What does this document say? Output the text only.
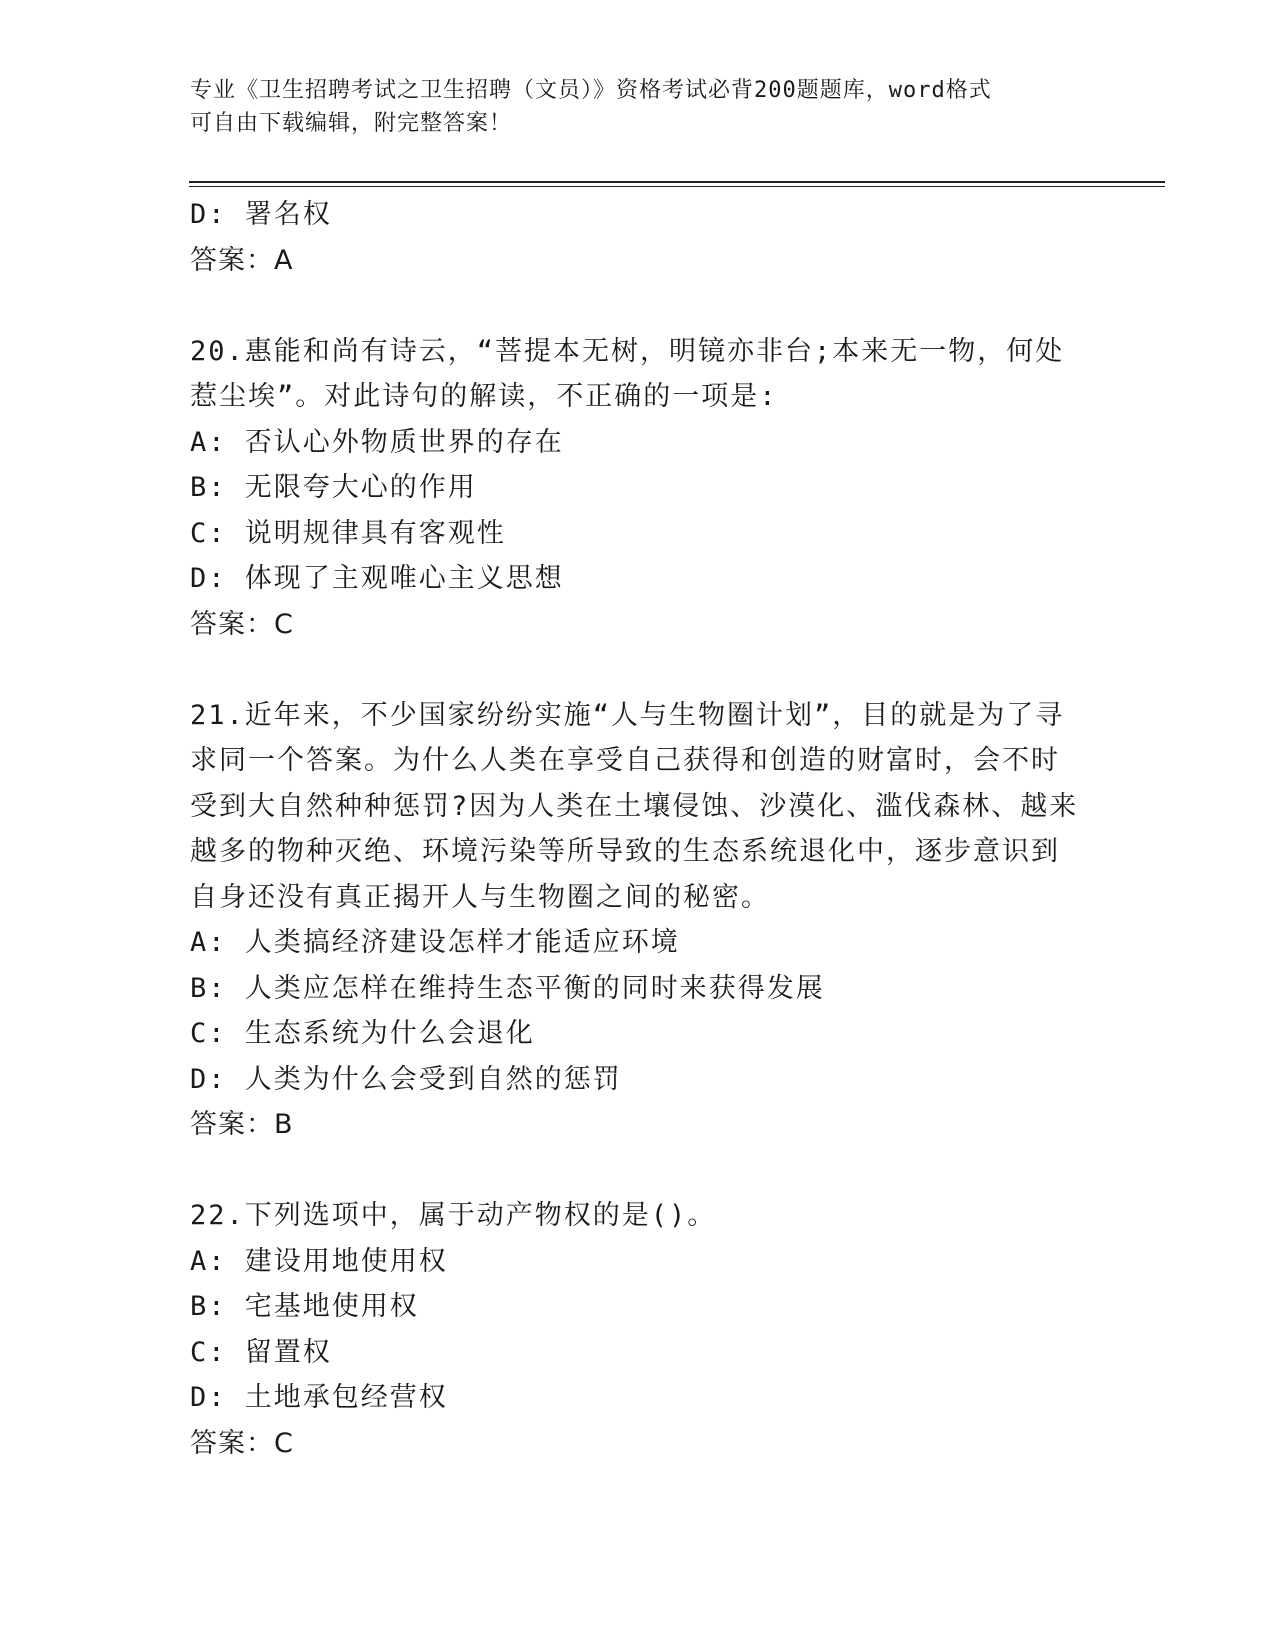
专业《卫生招聘考试之卫生招聘（文员）》资格考试必背200题题库，word格式
可自由下载编辑，附完整答案！
D: 署名权
答案：A
20.惠能和尚有诗云，“菩提本无树，明镜亦非台;本来无一物，何处
惹尘埃”。对此诗句的解读，不正确的一项是:
A: 否认心外物质世界的存在
B: 无限夸大心的作用
C: 说明规律具有客观性
D: 体现了主观唯心主义思想
答案：C
21.近年来，不少国家纷纷实施“人与生物圈计划”，目的就是为了寻
求同一个答案。为什么人类在享受自己获得和创造的财富时，会不时
受到大自然种种惩罚?因为人类在土壤侵蚀、沙漠化、滥伐森林、越来
越多的物种灭绝、环境污染等所导致的生态系统退化中，逐步意识到
自身还没有真正揭开人与生物圈之间的秘密。
A: 人类搞经济建设怎样才能适应环境
B: 人类应怎样在维持生态平衡的同时来获得发展
C: 生态系统为什么会退化
D: 人类为什么会受到自然的惩罚
答案：B
22.下列选项中，属于动产物权的是()。
A: 建设用地使用权
B: 宅基地使用权
C: 留置权
D: 土地承包经营权
答案：C
